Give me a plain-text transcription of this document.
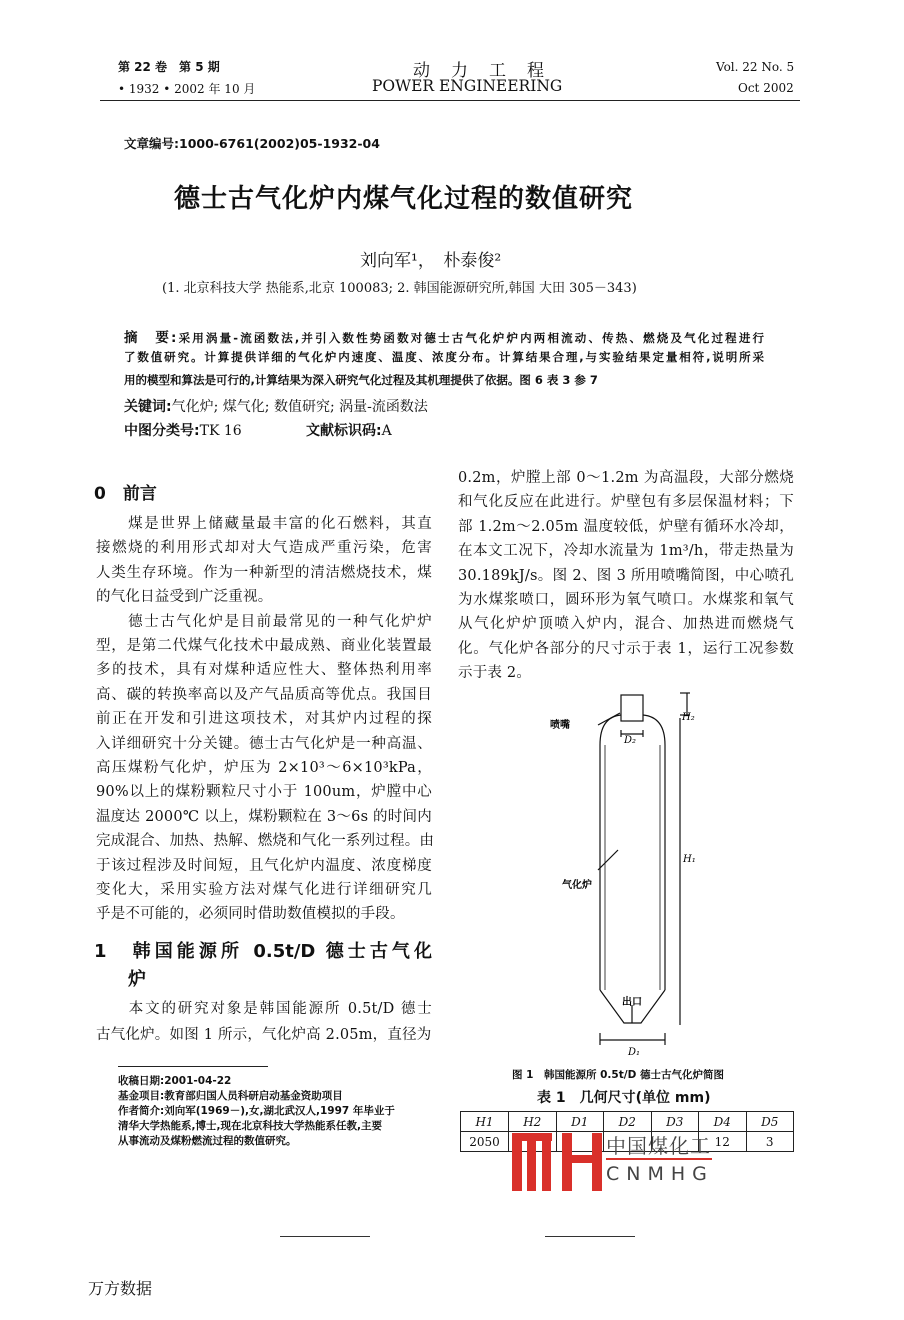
第 22 卷　第 5 期
• 1932 • 2002 年 10 月
动　力　工　程
POWER ENGINEERING
Vol. 22 No. 5
Oct 2002
文章编号:1000-6761(2002)05-1932-04
德士古气化炉内煤气化过程的数值研究
刘向军¹，　朴泰俊²
(1. 北京科技大学 热能系,北京 100083; 2. 韩国能源研究所,韩国 大田 305－343)
摘　要:采用涡量-流函数法,并引入数性势函数对德士古气化炉炉内两相流动、传热、燃烧及气化过程进行
了数值研究。计算提供详细的气化炉内速度、温度、浓度分布。计算结果合理,与实验结果定量相符,说明所采
用的模型和算法是可行的,计算结果为深入研究气化过程及其机理提供了依据。图 6 表 3 参 7
关键词:气化炉; 煤气化; 数值研究; 涡量-流函数法
中图分类号:TK 16	文献标识码:A
0　前言
1　韩国能源所 0.5t/D 德士古气化
炉
喷嘴
气化炉
出口
H₂
H₁
D₂
D₁
图 1　韩国能源所 0.5t/D 德士古气化炉简图
表 1　几何尺寸(单位 mm)
H1	H2	D1	D2	D3	D4	D5
2050					12	3
中国煤化工
CNMHG
收稿日期:2001-04-22
基金项目:教育部归国人员科研启动基金资助项目
作者简介:刘向军(1969－),女,湖北武汉人,1997 年毕业于
清华大学热能系,博士,现在北京科技大学热能系任教,主要
从事流动及煤粉燃流过程的数值研究。
万方数据
　　煤是世界上储藏量最丰富的化石燃料，其直
接燃烧的利用形式却对大气造成严重污染，危害
人类生存环境。作为一种新型的清洁燃烧技术，煤
的气化日益受到广泛重视。
　　德士古气化炉是目前最常见的一种气化炉炉
型，是第二代煤气化技术中最成熟、商业化装置最
多的技术，具有对煤种适应性大、整体热利用率
高、碳的转换率高以及产气品质高等优点。我国目
前正在开发和引进这项技术，对其炉内过程的探
入详细研究十分关键。德士古气化炉是一种高温、
高压煤粉气化炉，炉压为 2×10³～6×10³kPa，
90%以上的煤粉颗粒尺寸小于 100um，炉膛中心
温度达 2000℃ 以上，煤粉颗粒在 3～6s 的时间内
完成混合、加热、热解、燃烧和气化一系列过程。由
于该过程涉及时间短，且气化炉内温度、浓度梯度
变化大，采用实验方法对煤气化进行详细研究几
乎是不可能的，必须同时借助数值模拟的手段。
　　本文的研究对象是韩国能源所 0.5t/D 德士
古气化炉。如图 1 所示，气化炉高 2.05m，直径为
0.2m，炉膛上部 0～1.2m 为高温段，大部分燃烧
和气化反应在此进行。炉壁包有多层保温材料；下
部 1.2m～2.05m 温度较低，炉壁有循环水冷却，
在本文工况下，冷却水流量为 1m³/h，带走热量为
30.189kJ/s。图 2、图 3 所用喷嘴简图，中心喷孔
为水煤浆喷口，圆环形为氧气喷口。水煤浆和氧气
从气化炉炉顶喷入炉内，混合、加热进而燃烧气
化。气化炉各部分的尺寸示于表 1，运行工况参数
示于表 2。
